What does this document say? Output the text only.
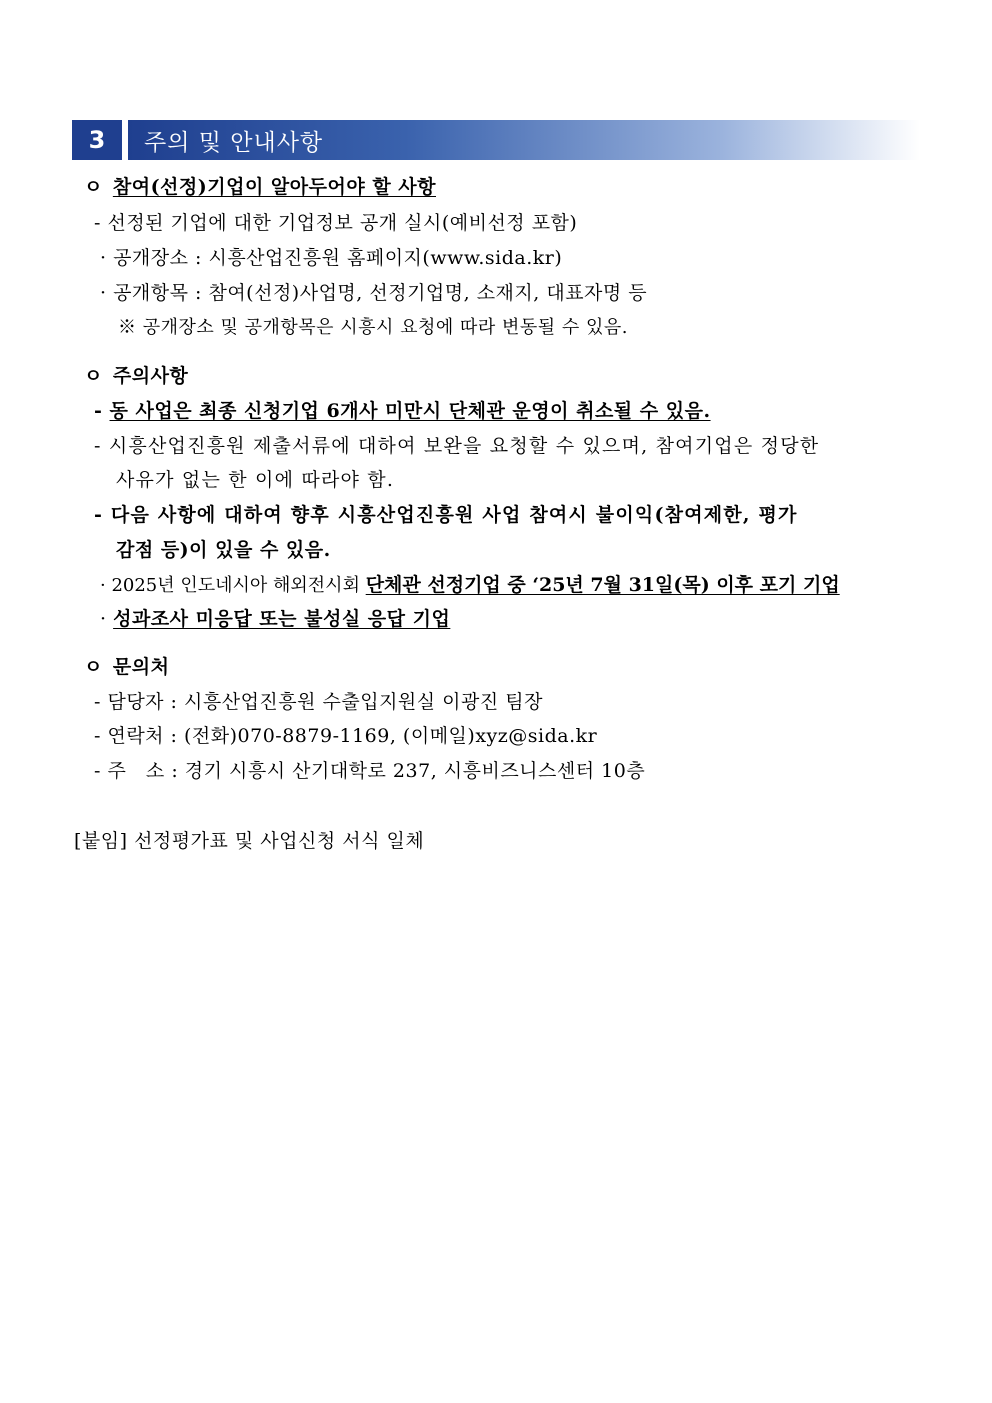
3	주의 및 안내사항
ㅇ 참여(선정)기업이 알아두어야 할 사항
- 선정된 기업에 대한 기업정보 공개 실시(예비선정 포함)
· 공개장소 : 시흥산업진흥원 홈페이지(www.sida.kr)
· 공개항목 : 참여(선정)사업명, 선정기업명, 소재지, 대표자명 등
※ 공개장소 및 공개항목은 시흥시 요청에 따라 변동될 수 있음.
ㅇ 주의사항
- 동 사업은 최종 신청기업 6개사 미만시 단체관 운영이 취소될 수 있음.
- 시흥산업진흥원 제출서류에 대하여 보완을 요청할 수 있으며, 참여기업은 정당한
사유가 없는 한 이에 따라야 함.
- 다음 사항에 대하여 향후 시흥산업진흥원 사업 참여시 불이익(참여제한, 평가
감점 등)이 있을 수 있음.
· 2025년 인도네시아 해외전시회 단체관 선정기업 중 ‘25년 7월 31일(목) 이후 포기 기업
· 성과조사 미응답 또는 불성실 응답 기업
ㅇ 문의처
- 담당자 : 시흥산업진흥원 수출입지원실 이광진 팀장
- 연락처 : (전화)070-8879-1169, (이메일)xyz@sida.kr
- 주   소 : 경기 시흥시 산기대학로 237, 시흥비즈니스센터 10층
[붙임] 선정평가표 및 사업신청 서식 일체
